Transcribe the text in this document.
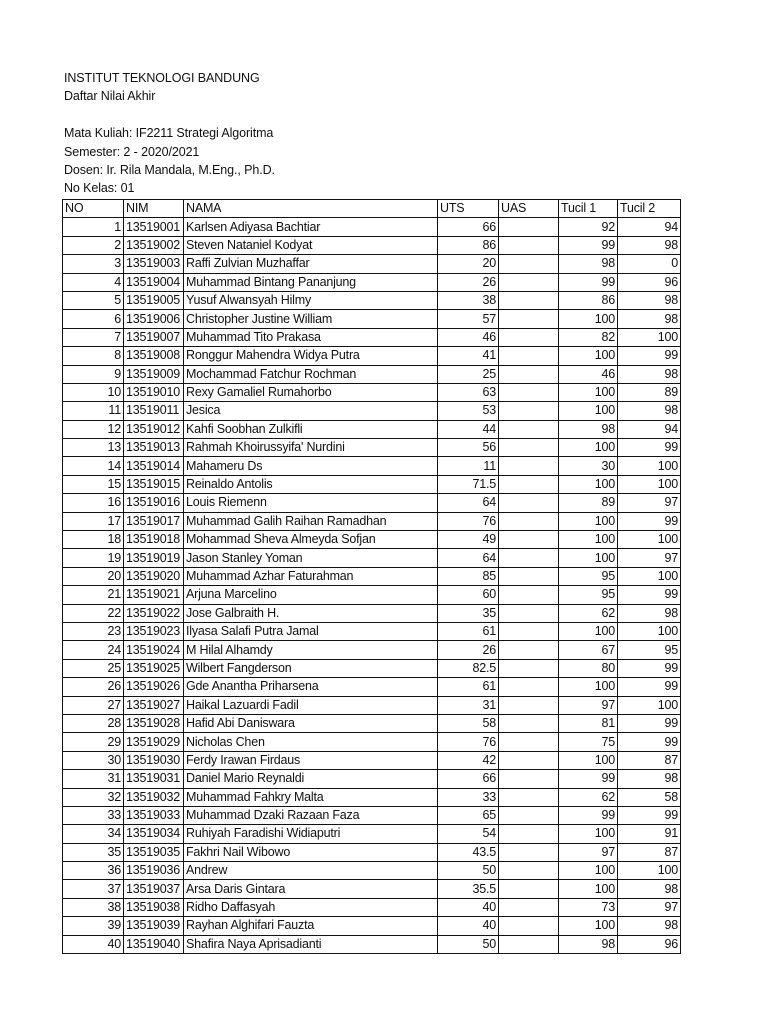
INSTITUT TEKNOLOGI BANDUNG
Daftar Nilai Akhir
Mata Kuliah: IF2211 Strategi Algoritma
Semester: 2 - 2020/2021
Dosen: Ir. Rila Mandala, M.Eng., Ph.D.
No Kelas: 01
NO	NIM	NAMA	UTS	UAS	Tucil 1	Tucil 2
1	13519001	Karlsen Adiyasa Bachtiar	66		92	94
2	13519002	Steven Nataniel Kodyat	86		99	98
3	13519003	Raffi Zulvian Muzhaffar	20		98	0
4	13519004	Muhammad Bintang Pananjung	26		99	96
5	13519005	Yusuf Alwansyah Hilmy	38		86	98
6	13519006	Christopher Justine William	57		100	98
7	13519007	Muhammad Tito Prakasa	46		82	100
8	13519008	Ronggur Mahendra Widya Putra	41		100	99
9	13519009	Mochammad Fatchur Rochman	25		46	98
10	13519010	Rexy Gamaliel Rumahorbo	63		100	89
11	13519011	Jesica	53		100	98
12	13519012	Kahfi Soobhan Zulkifli	44		98	94
13	13519013	Rahmah Khoirussyifa' Nurdini	56		100	99
14	13519014	Mahameru Ds	11		30	100
15	13519015	Reinaldo Antolis	71.5		100	100
16	13519016	Louis Riemenn	64		89	97
17	13519017	Muhammad Galih Raihan Ramadhan	76		100	99
18	13519018	Mohammad Sheva Almeyda Sofjan	49		100	100
19	13519019	Jason Stanley Yoman	64		100	97
20	13519020	Muhammad Azhar Faturahman	85		95	100
21	13519021	Arjuna Marcelino	60		95	99
22	13519022	Jose Galbraith H.	35		62	98
23	13519023	Ilyasa Salafi Putra Jamal	61		100	100
24	13519024	M Hilal Alhamdy	26		67	95
25	13519025	Wilbert Fangderson	82.5		80	99
26	13519026	Gde Anantha Priharsena	61		100	99
27	13519027	Haikal Lazuardi Fadil	31		97	100
28	13519028	Hafid Abi Daniswara	58		81	99
29	13519029	Nicholas Chen	76		75	99
30	13519030	Ferdy Irawan Firdaus	42		100	87
31	13519031	Daniel Mario Reynaldi	66		99	98
32	13519032	Muhammad Fahkry Malta	33		62	58
33	13519033	Muhammad Dzaki Razaan Faza	65		99	99
34	13519034	Ruhiyah Faradishi Widiaputri	54		100	91
35	13519035	Fakhri Nail Wibowo	43.5		97	87
36	13519036	Andrew	50		100	100
37	13519037	Arsa Daris Gintara	35.5		100	98
38	13519038	Ridho Daffasyah	40		73	97
39	13519039	Rayhan Alghifari Fauzta	40		100	98
40	13519040	Shafira Naya Aprisadianti	50		98	96
